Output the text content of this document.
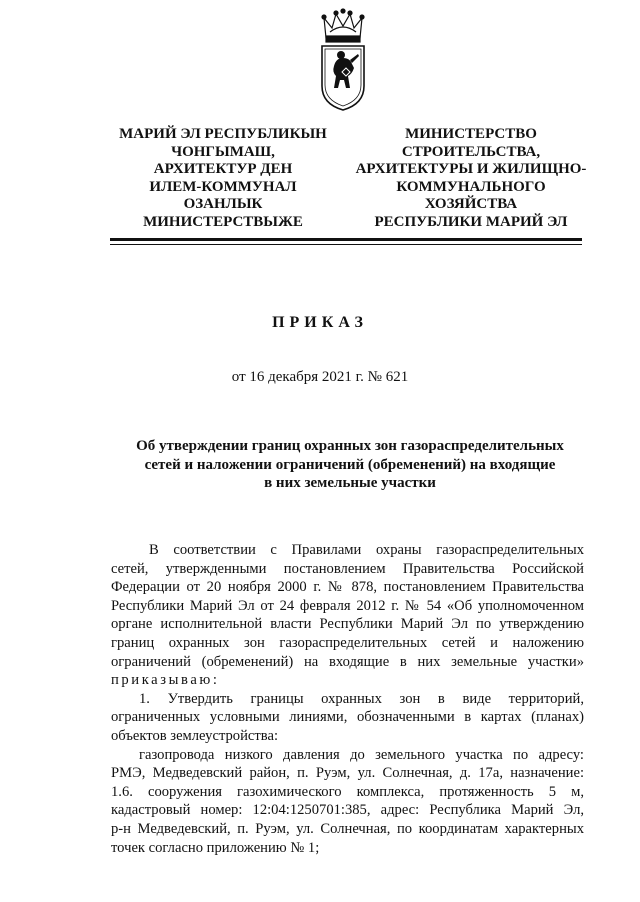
МАРИЙ ЭЛ РЕСПУБЛИКЫН
ЧОНГЫМАШ,
АРХИТЕКТУР ДЕН
ИЛЕМ-КОММУНАЛ
ОЗАНЛЫК
МИНИСТЕРСТВЫЖЕ
МИНИСТЕРСТВО
СТРОИТЕЛЬСТВА,
АРХИТЕКТУРЫ И ЖИЛИЩНО-
КОММУНАЛЬНОГО
ХОЗЯЙСТВА
РЕСПУБЛИКИ МАРИЙ ЭЛ
ПРИКАЗ
от 16 декабря 2021 г. № 621
Об утверждении границ охранных зон газораспределительных
сетей и наложении ограничений (обременений) на входящие
в них земельные участки
В соответствии с Правилами охраны газораспределительных
сетей, утвержденными постановлением Правительства Российской
Федерации от 20 ноября 2000 г. № 878, постановлением Правительства
Республики Марий Эл от 24 февраля 2012 г. № 54 «Об уполномоченном
органе исполнительной власти Республики Марий Эл по утверждению
границ охранных зон газораспределительных сетей и наложению
ограничений (обременений) на входящие в них земельные участки»
приказываю:
1. Утвердить границы охранных зон в виде территорий,
ограниченных условными линиями, обозначенными в картах (планах)
объектов землеустройства:
газопровода низкого давления до земельного участка по адресу:
РМЭ, Медведевский район, п. Руэм, ул. Солнечная, д. 17а, назначение:
1.6. сооружения газохимического комплекса, протяженность 5 м,
кадастровый номер: 12:04:1250701:385, адрес: Республика Марий Эл,
р-н Медведевский, п. Руэм, ул. Солнечная, по координатам характерных
точек согласно приложению № 1;
